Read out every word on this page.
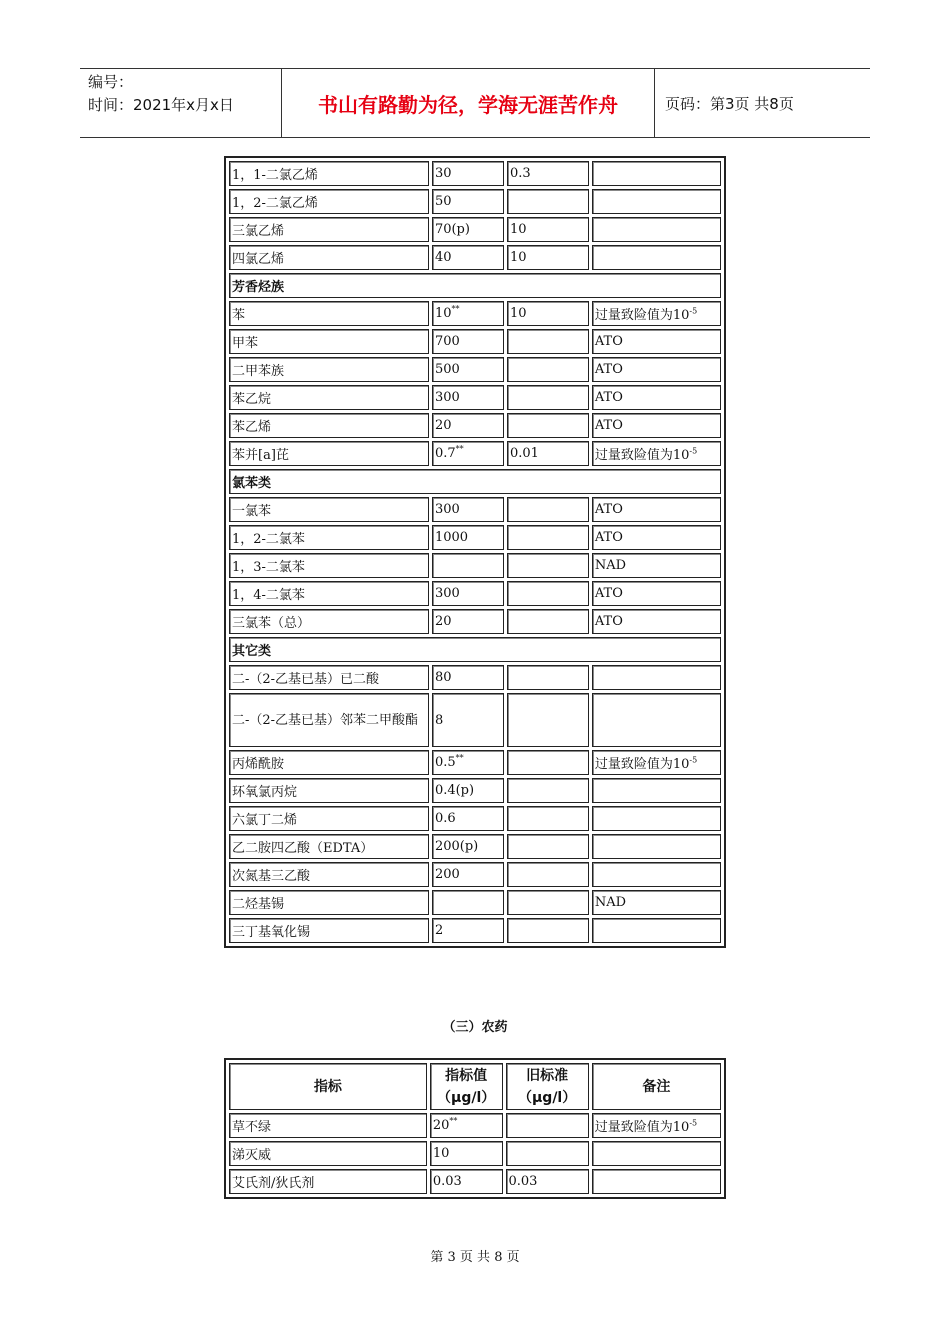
编号：
时间：2021年x月x日	书山有路勤为径，学海无涯苦作舟	页码：第3页 共8页
1，1-二氯乙烯	30	0.3	
1，2-二氯乙烯	50		
三氯乙烯	70(p)	10	
四氯乙烯	40	10	
芳香烃族			
苯	10**	10	过量致险值为$10^{-5}$
甲苯	700		ATO
二甲苯族	500		ATO
苯乙烷	300		ATO
苯乙烯	20		ATO
苯并[a]芘	0.7**	0.01	过量致险值为$10^{-5}$
氯苯类			
一氯苯	300		ATO
1，2-二氯苯	1000		ATO
1，3-二氯苯			NAD
1，4-二氯苯	300		ATO
三氯苯（总）	20		ATO
其它类			
二-（2-乙基已基）已二酸	80		
二-（2-乙基已基）邻苯二甲酸酯	8		
丙烯酰胺	0.5**		过量致险值为$10^{-5}$
环氧氯丙烷	0.4(p)		
六氯丁二烯	0.6		
乙二胺四乙酸（EDTA）	200(p)		
次氮基三乙酸	200		
二烃基锡			NAD
三丁基氧化锡	2		
（三）农药
指标	指标值（μg/l）	旧标准（μg/l）	备注
草不绿	20**		过量致险值为$10^{-5}$
涕灭威	10		
艾氏剂/狄氏剂	0.03	0.03	
第 3 页 共 8 页
